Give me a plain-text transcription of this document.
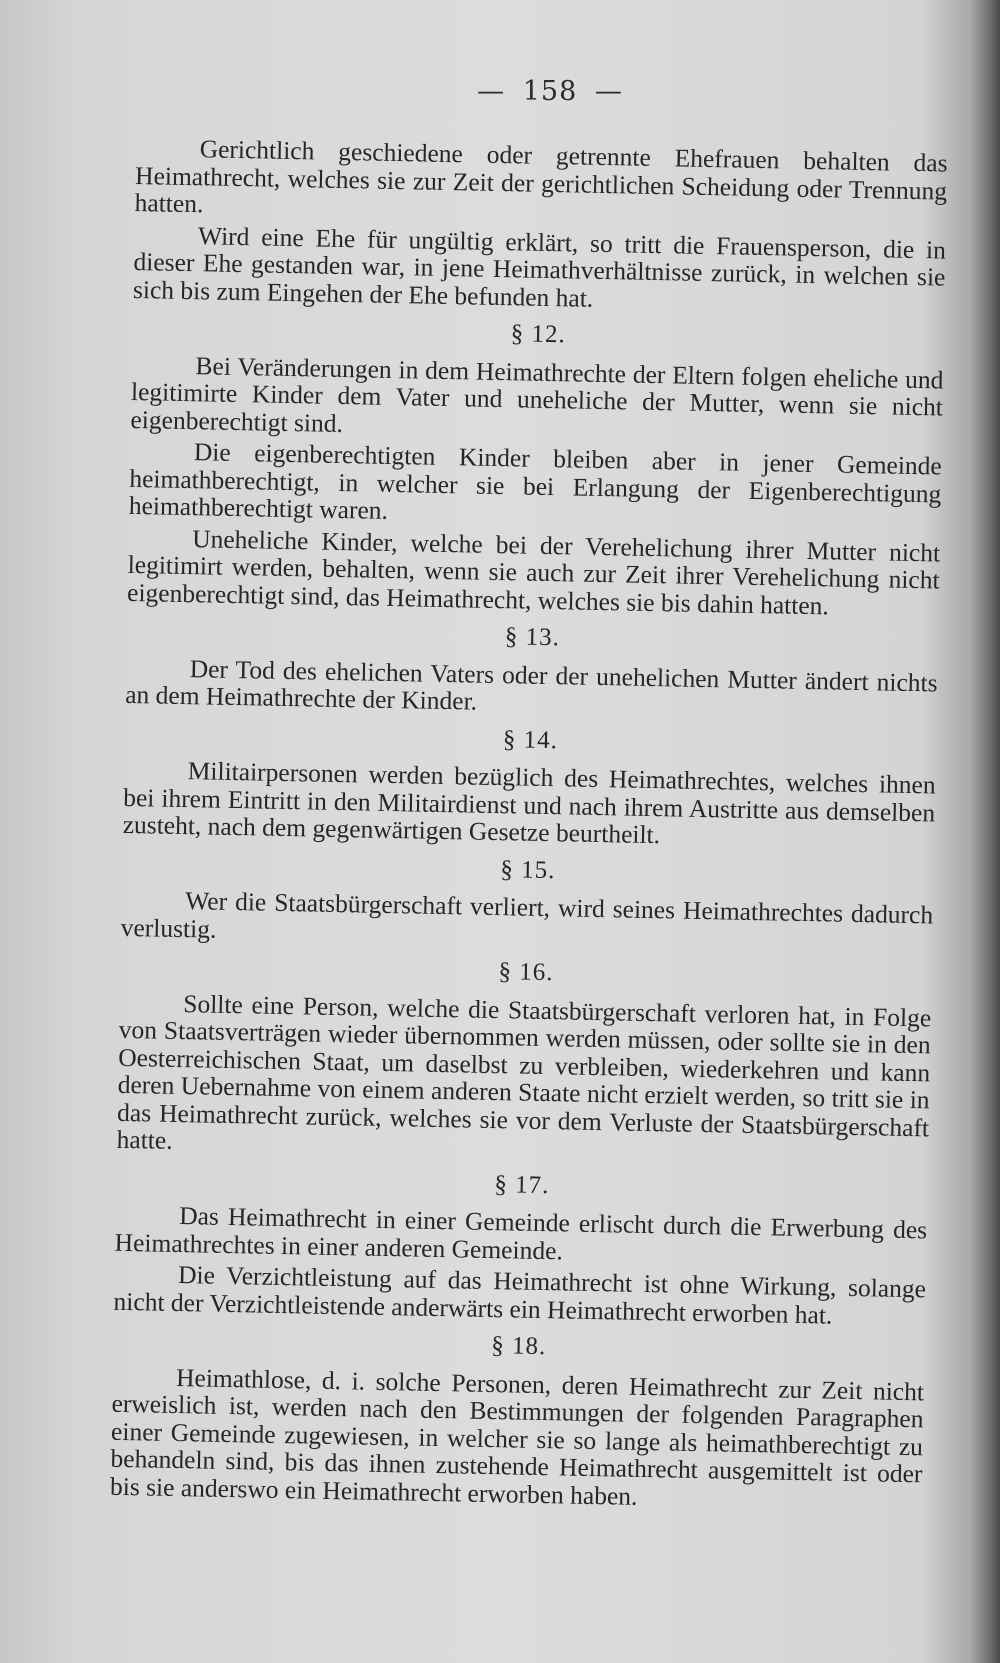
— 158 —

Gerichtlich geschiedene oder getrennte Ehefrauen behalten das Heimathrecht, welches sie zur Zeit der gerichtlichen Scheidung oder Trennung hatten.

Wird eine Ehe für ungültig erklärt, so tritt die Frauensperson, die in dieser Ehe gestanden war, in jene Heimathverhältnisse zurück, in welchen sie sich bis zum Eingehen der Ehe befunden hat.

§ 12.

Bei Veränderungen in dem Heimathrechte der Eltern folgen eheliche und legitimirte Kinder dem Vater und uneheliche der Mutter, wenn sie nicht eigenberechtigt sind.

Die eigenberechtigten Kinder bleiben aber in jener Gemeinde heimathberechtigt, in welcher sie bei Erlangung der Eigenberechtigung heimathberechtigt waren.

Uneheliche Kinder, welche bei der Verehelichung ihrer Mutter nicht legitimirt werden, behalten, wenn sie auch zur Zeit ihrer Verehelichung nicht eigenberechtigt sind, das Heimathrecht, welches sie bis dahin hatten.

§ 13.

Der Tod des ehelichen Vaters oder der unehelichen Mutter ändert nichts an dem Heimathrechte der Kinder.

§ 14.

Militairpersonen werden bezüglich des Heimathrechtes, welches ihnen bei ihrem Eintritt in den Militairdienst und nach ihrem Austritte aus demselben zusteht, nach dem gegenwärtigen Gesetze beurtheilt.

§ 15.

Wer die Staatsbürgerschaft verliert, wird seines Heimathrechtes dadurch verlustig.

§ 16.

Sollte eine Person, welche die Staatsbürgerschaft verloren hat, in Folge von Staatsverträgen wieder übernommen werden müssen, oder sollte sie in den Oesterreichischen Staat, um daselbst zu verbleiben, wiederkehren und kann deren Uebernahme von einem anderen Staate nicht erzielt werden, so tritt sie in das Heimathrecht zurück, welches sie vor dem Verluste der Staatsbürgerschaft hatte.

§ 17.

Das Heimathrecht in einer Gemeinde erlischt durch die Erwerbung des Heimathrechtes in einer anderen Gemeinde.

Die Verzichtleistung auf das Heimathrecht ist ohne Wirkung, solange nicht der Verzichtleistende anderwärts ein Heimathrecht erworben hat.

§ 18.

Heimathlose, d. i. solche Personen, deren Heimathrecht zur Zeit nicht erweislich ist, werden nach den Bestimmungen der folgenden Paragraphen einer Gemeinde zugewiesen, in welcher sie so lange als heimathberechtigt zu behandeln sind, bis das ihnen zustehende Heimathrecht ausgemittelt ist oder bis sie anderswo ein Heimathrecht erworben haben.
